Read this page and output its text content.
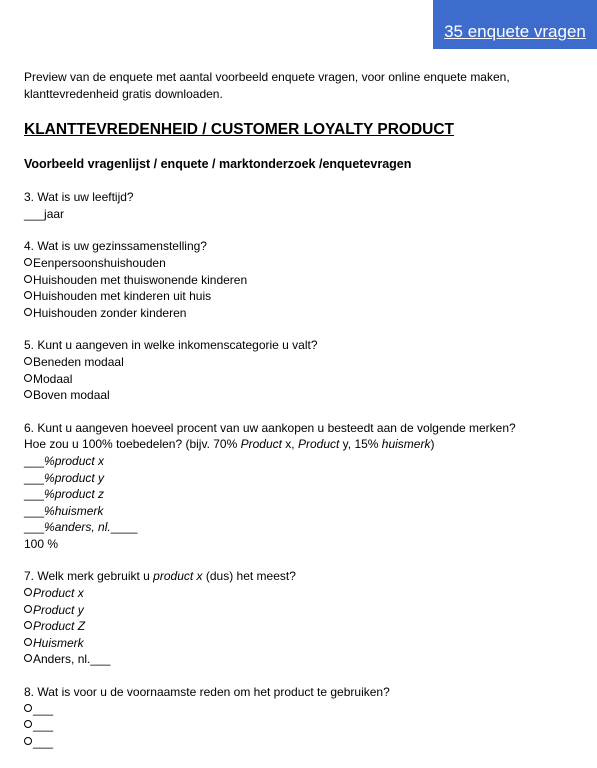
35 enquete vragen

Preview van de enquete met aantal voorbeeld enquete vragen, voor online enquete maken, klanttevredenheid gratis downloaden.

KLANTTEVREDENHEID / CUSTOMER LOYALTY PRODUCT
Voorbeeld vragenlijst / enquete / marktonderzoek /enquetevragen
3. Wat is uw leeftijd?
___jaar
4. Wat is uw gezinssamenstelling?
Eenpersoonshuishouden
Huishouden met thuiswonende kinderen
Huishouden met kinderen uit huis
Huishouden zonder kinderen
5. Kunt u aangeven in welke inkomenscategorie u valt?
Beneden modaal
Modaal
Boven modaal
6. Kunt u aangeven hoeveel procent van uw aankopen u besteedt aan de volgende merken?
Hoe zou u 100% toebedelen? (bijv. 70% Product x, Product y, 15% huismerk)
___%product x
___%product y
___%product z
___%huismerk
___%anders, nl.____
100 %
7. Welk merk gebruikt u product x (dus) het meest?
Product x
Product y
Product Z
Huismerk
Anders, nl.___
8. Wat is voor u de voornaamste reden om het product te gebruiken?
___
___
___
